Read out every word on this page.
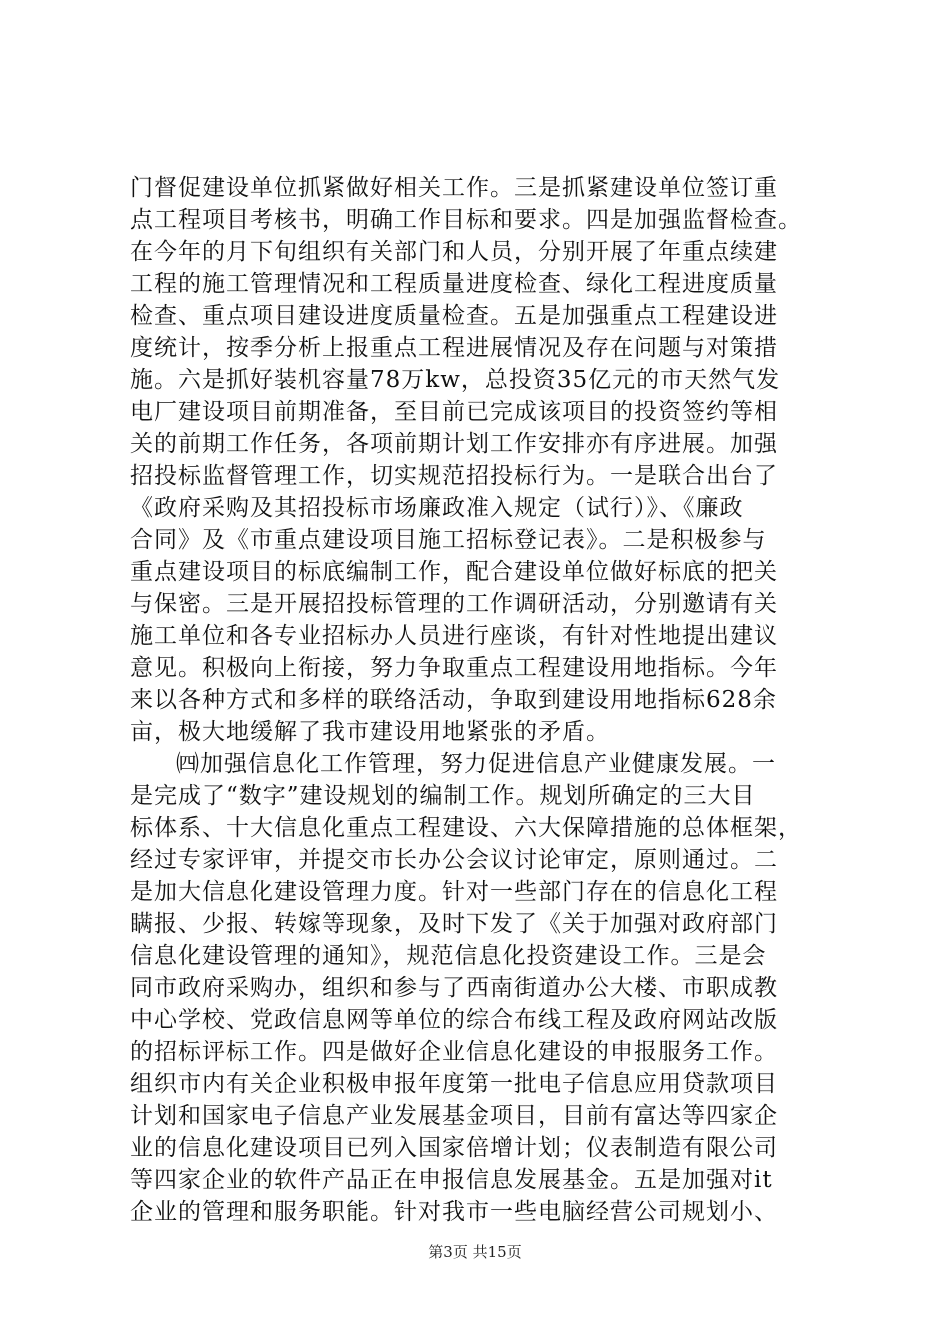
门督促建设单位抓紧做好相关工作。三是抓紧建设单位签订重
点工程项目考核书，明确工作目标和要求。四是加强监督检查。
在今年的月下旬组织有关部门和人员，分别开展了年重点续建
工程的施工管理情况和工程质量进度检查、绿化工程进度质量
检查、重点项目建设进度质量检查。五是加强重点工程建设进
度统计，按季分析上报重点工程进展情况及存在问题与对策措
施。六是抓好装机容量78万kw，总投资35亿元的市天然气发
电厂建设项目前期准备，至目前已完成该项目的投资签约等相
关的前期工作任务，各项前期计划工作安排亦有序进展。加强
招投标监督管理工作，切实规范招投标行为。一是联合出台了
《政府采购及其招投标市场廉政准入规定（试行）》、《廉政
合同》及《市重点建设项目施工招标登记表》。二是积极参与
重点建设项目的标底编制工作，配合建设单位做好标底的把关
与保密。三是开展招投标管理的工作调研活动，分别邀请有关
施工单位和各专业招标办人员进行座谈，有针对性地提出建议
意见。积极向上衔接，努力争取重点工程建设用地指标。今年
来以各种方式和多样的联络活动，争取到建设用地指标628余
亩，极大地缓解了我市建设用地紧张的矛盾。
㈣加强信息化工作管理，努力促进信息产业健康发展。一
是完成了“数字”建设规划的编制工作。规划所确定的三大目
标体系、十大信息化重点工程建设、六大保障措施的总体框架，
经过专家评审，并提交市长办公会议讨论审定，原则通过。二
是加大信息化建设管理力度。针对一些部门存在的信息化工程
瞒报、少报、转嫁等现象，及时下发了《关于加强对政府部门
信息化建设管理的通知》，规范信息化投资建设工作。三是会
同市政府采购办，组织和参与了西南街道办公大楼、市职成教
中心学校、党政信息网等单位的综合布线工程及政府网站改版
的招标评标工作。四是做好企业信息化建设的申报服务工作。
组织市内有关企业积极申报年度第一批电子信息应用贷款项目
计划和国家电子信息产业发展基金项目，目前有富达等四家企
业的信息化建设项目已列入国家倍增计划；仪表制造有限公司
等四家企业的软件产品正在申报信息发展基金。五是加强对it
企业的管理和服务职能。针对我市一些电脑经营公司规划小、
第3页 共15页
